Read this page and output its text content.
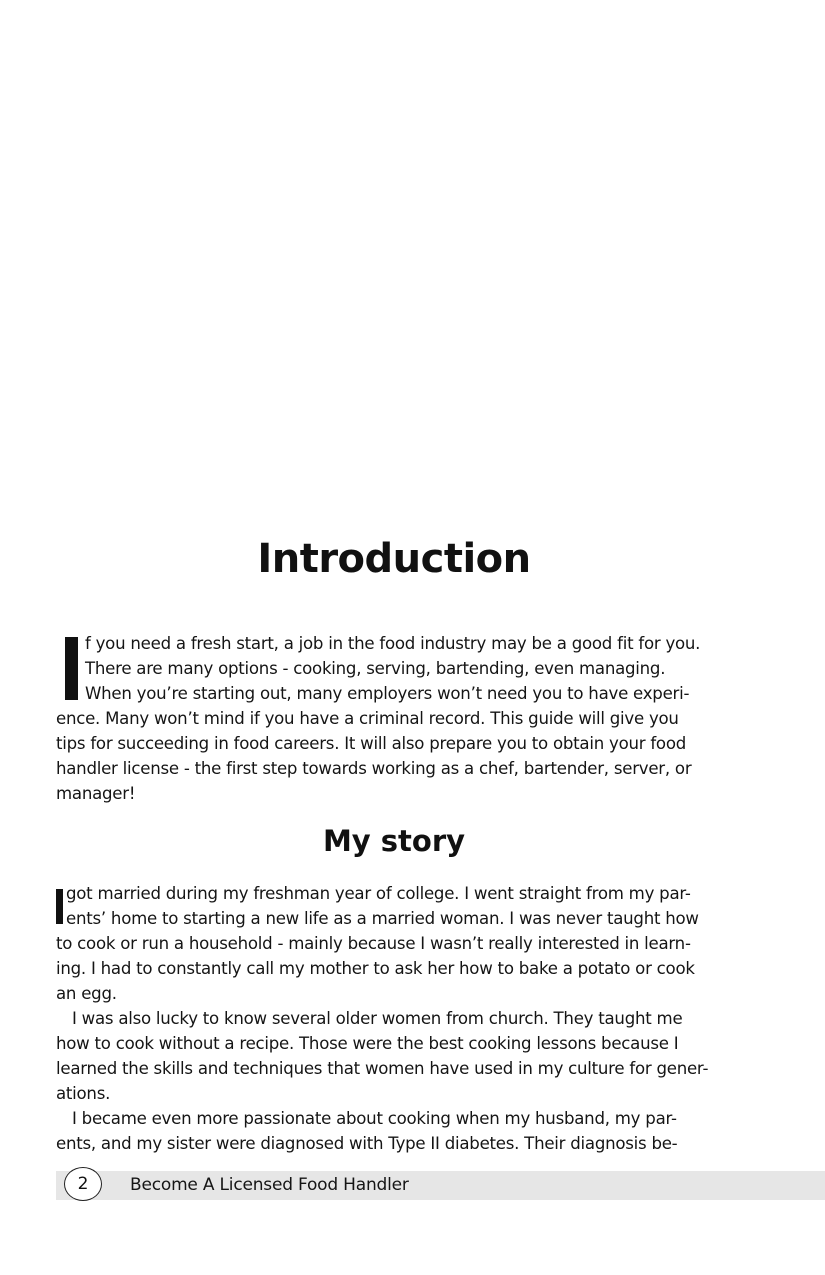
Introduction
f you need a fresh start, a job in the food industry may be a good fit for you.
There are many options - cooking, serving, bartending, even managing.
When you’re starting out, many employers won’t need you to have experi-
ence. Many won’t mind if you have a criminal record. This guide will give you
tips for succeeding in food careers. It will also prepare you to obtain your food
handler license - the first step towards working as a chef, bartender, server, or
manager!
My story
got married during my freshman year of college. I went straight from my par-
ents’ home to starting a new life as a married woman. I was never taught how
to cook or run a household - mainly because I wasn’t really interested in learn-
ing. I had to constantly call my mother to ask her how to bake a potato or cook
an egg.
I was also lucky to know several older women from church. They taught me
how to cook without a recipe. Those were the best cooking lessons because I
learned the skills and techniques that women have used in my culture for gener-
ations.
I became even more passionate about cooking when my husband, my par-
ents, and my sister were diagnosed with Type II diabetes. Their diagnosis be-
2 Become A Licensed Food Handler
